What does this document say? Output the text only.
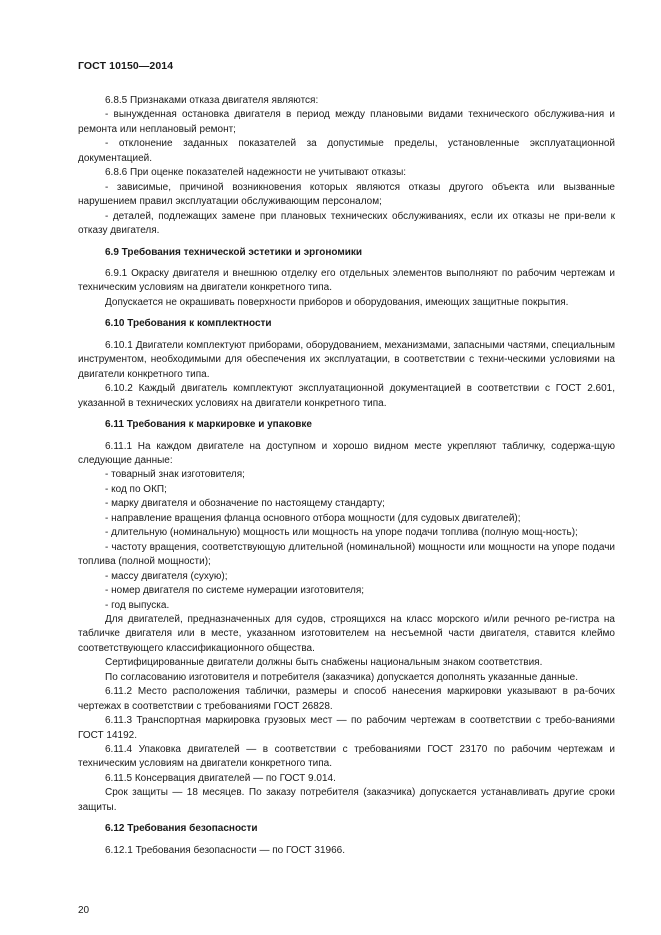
ГОСТ 10150—2014

6.8.5 Признаками отказа двигателя являются:

- вынужденная остановка двигателя в период между плановыми видами технического обслужива-ния и ремонта или неплановый ремонт;

- отклонение заданных показателей за допустимые пределы, установленные эксплуатационной документацией.

6.8.6 При оценке показателей надежности не учитывают отказы:

- зависимые, причиной возникновения которых являются отказы другого объекта или вызванные нарушением правил эксплуатации обслуживающим персоналом;

- деталей, подлежащих замене при плановых технических обслуживаниях, если их отказы не при-вели к отказу двигателя.

6.9 Требования технической эстетики и эргономики

6.9.1 Окраску двигателя и внешнюю отделку его отдельных элементов выполняют по рабочим чертежам и техническим условиям на двигатели конкретного типа.

Допускается не окрашивать поверхности приборов и оборудования, имеющих защитные покрытия.

6.10 Требования к комплектности

6.10.1 Двигатели комплектуют приборами, оборудованием, механизмами, запасными частями, специальным инструментом, необходимыми для обеспечения их эксплуатации, в соответствии с техни-ческими условиями на двигатели конкретного типа.

6.10.2 Каждый двигатель комплектуют эксплуатационной документацией в соответствии с ГОСТ 2.601, указанной в технических условиях на двигатели конкретного типа.

6.11 Требования к маркировке и упаковке

6.11.1 На каждом двигателе на доступном и хорошо видном месте укрепляют табличку, содержа-щую следующие данные:

- товарный знак изготовителя;

- код по ОКП;

- марку двигателя и обозначение по настоящему стандарту;

- направление вращения фланца основного отбора мощности (для судовых двигателей);

- длительную (номинальную) мощность или мощность на упоре подачи топлива (полную мощ-ность);

- частоту вращения, соответствующую длительной (номинальной) мощности или мощности на упоре подачи топлива (полной мощности);

- массу двигателя (сухую);

- номер двигателя по системе нумерации изготовителя;

- год выпуска.

Для двигателей, предназначенных для судов, строящихся на класс морского и/или речного ре-гистра на табличке двигателя или в месте, указанном изготовителем на несъемной части двигателя, ставится клеймо соответствующего классификационного общества.

Сертифицированные двигатели должны быть снабжены национальным знаком соответствия.

По согласованию изготовителя и потребителя (заказчика) допускается дополнять указанные данные.

6.11.2 Место расположения таблички, размеры и способ нанесения маркировки указывают в ра-бочих чертежах в соответствии с требованиями ГОСТ 26828.

6.11.3 Транспортная маркировка грузовых мест — по рабочим чертежам в соответствии с требо-ваниями ГОСТ 14192.

6.11.4 Упаковка двигателей — в соответствии с требованиями ГОСТ 23170 по рабочим чертежам и техническим условиям на двигатели конкретного типа.

6.11.5 Консервация двигателей — по ГОСТ 9.014.

Срок защиты — 18 месяцев. По заказу потребителя (заказчика) допускается устанавливать другие сроки защиты.

6.12 Требования безопасности

6.12.1 Требования безопасности — по ГОСТ 31966.

20
